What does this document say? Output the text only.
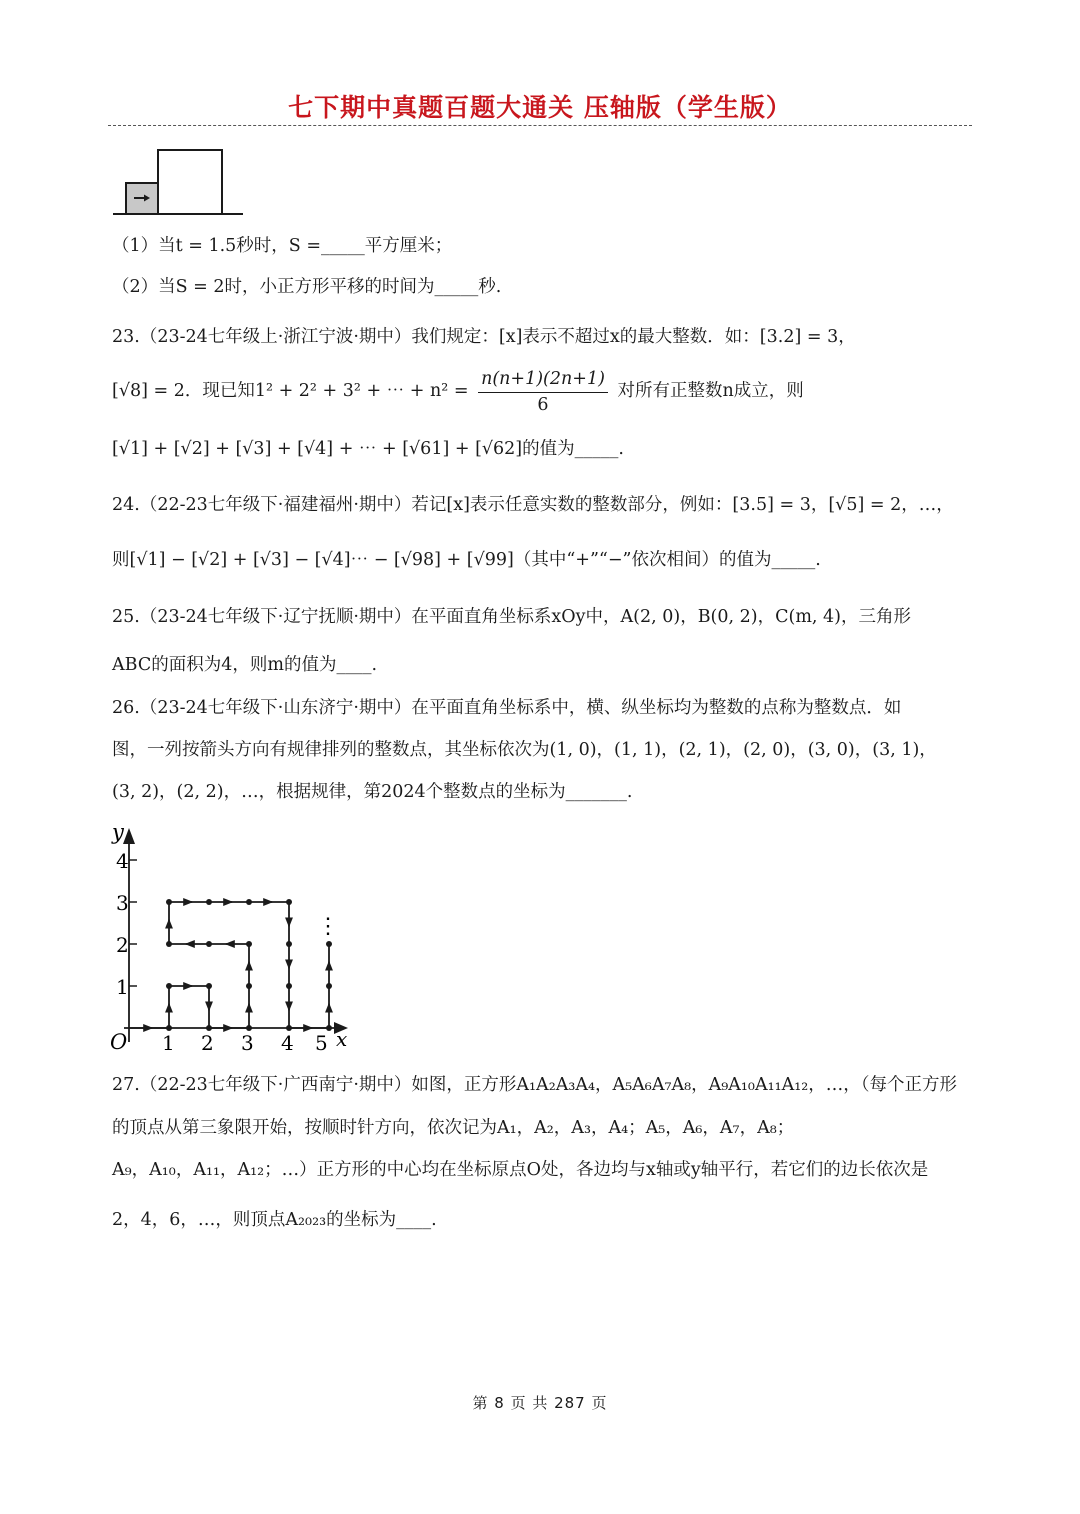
七下期中真题百题大通关 压轴版（学生版）
（1）当t = 1.5秒时，S =_____平方厘米；
（2）当S = 2时，小正方形平移的时间为_____秒.
23.（23-24七年级上·浙江宁波·期中）我们规定：[x]表示不超过x的最大整数．如：[3.2] = 3，
[√8] = 2．现已知1² + 2² + 3² + ⋯ + $n^2 = \frac{n(n+1)(2n+1)}{6}$ 对所有正整数n成立，则
[√1] + [√2] + [√3] + [√4] + ⋯ + [√61] + [√62]的值为_____.
24.（22-23七年级下·福建福州·期中）若记[x]表示任意实数的整数部分，例如：[3.5] = 3，[√5] = 2，…，
则[√1] − [√2] + [√3] − [√4]⋯ − [√98] + [√99]（其中“+”“−”依次相间）的值为_____.
25.（23-24七年级下·辽宁抚顺·期中）在平面直角坐标系xOy中，A(2, 0)，B(0, 2)，C(m, 4)，三角形
ABC的面积为4，则m的值为____.
26.（23-24七年级下·山东济宁·期中）在平面直角坐标系中，横、纵坐标均为整数的点称为整数点．如
图，一列按箭头方向有规律排列的整数点，其坐标依次为(1, 0)，(1, 1)，(2, 1)，(2, 0)，(3, 0)，(3, 1)，
(3, 2)，(2, 2)，…，根据规律，第2024个整数点的坐标为_______.
y
x
O
1
2
3
4
1 2 3 4 5
⋮
27.（22-23七年级下·广西南宁·期中）如图，正方形A₁A₂A₃A₄，A₅A₆A₇A₈，A₉A₁₀A₁₁A₁₂，…，（每个正方形
的顶点从第三象限开始，按顺时针方向，依次记为A₁，A₂，A₃，A₄；A₅，A₆，A₇，A₈；
A₉，A₁₀，A₁₁，A₁₂；…）正方形的中心均在坐标原点O处，各边均与x轴或y轴平行，若它们的边长依次是
2，4，6，…，则顶点A₂₀₂₃的坐标为____.
第 8 页 共 287 页
